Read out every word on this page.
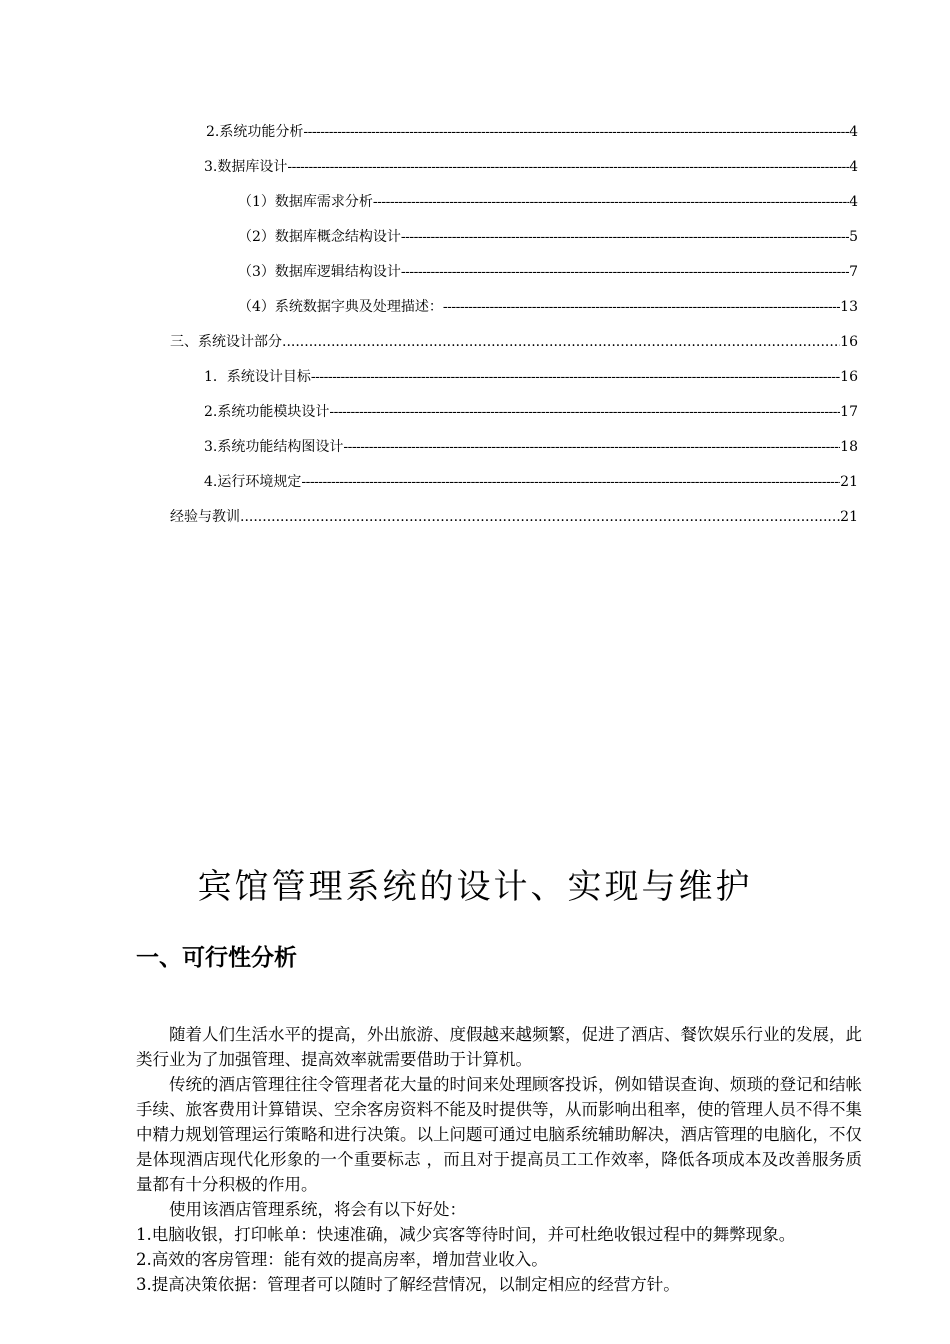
2.系统功能分析 -----	4
3.数据库设计 -----	4
（1）数据库需求分析 -----	4
（2）数据库概念结构设计 -----	5
（3）数据库逻辑结构设计 -----	7
（4）系统数据字典及处理描述： -----	13
三、系统设计部分 .....	16
1．系统设计目标 -----	16
2.系统功能模块设计 -----	17
3.系统功能结构图设计 -----	18
4.运行环境规定 -----	21
经验与教训 .....	21
宾馆管理系统的设计、实现与维护
一、可行性分析

随着人们生活水平的提高，外出旅游、度假越来越频繁，促进了酒店、餐饮娱乐行业的发展，此类行业为了加强管理、提高效率就需要借助于计算机。

传统的酒店管理往往令管理者花大量的时间来处理顾客投诉，例如错误查询、烦琐的登记和结帐手续、旅客费用计算错误、空余客房资料不能及时提供等，从而影响出租率，使的管理人员不得不集中精力规划管理运行策略和进行决策。以上问题可通过电脑系统辅助解决，酒店管理的电脑化，不仅是体现酒店现代化形象的一个重要标志 ，而且对于提高员工工作效率，降低各项成本及改善服务质量都有十分积极的作用。

使用该酒店管理系统，将会有以下好处：

1.电脑收银，打印帐单：快速准确，减少宾客等待时间，并可杜绝收银过程中的舞弊现象。

2.高效的客房管理：能有效的提高房率，增加营业收入。

3.提高决策依据：管理者可以随时了解经营情况，以制定相应的经营方针。
